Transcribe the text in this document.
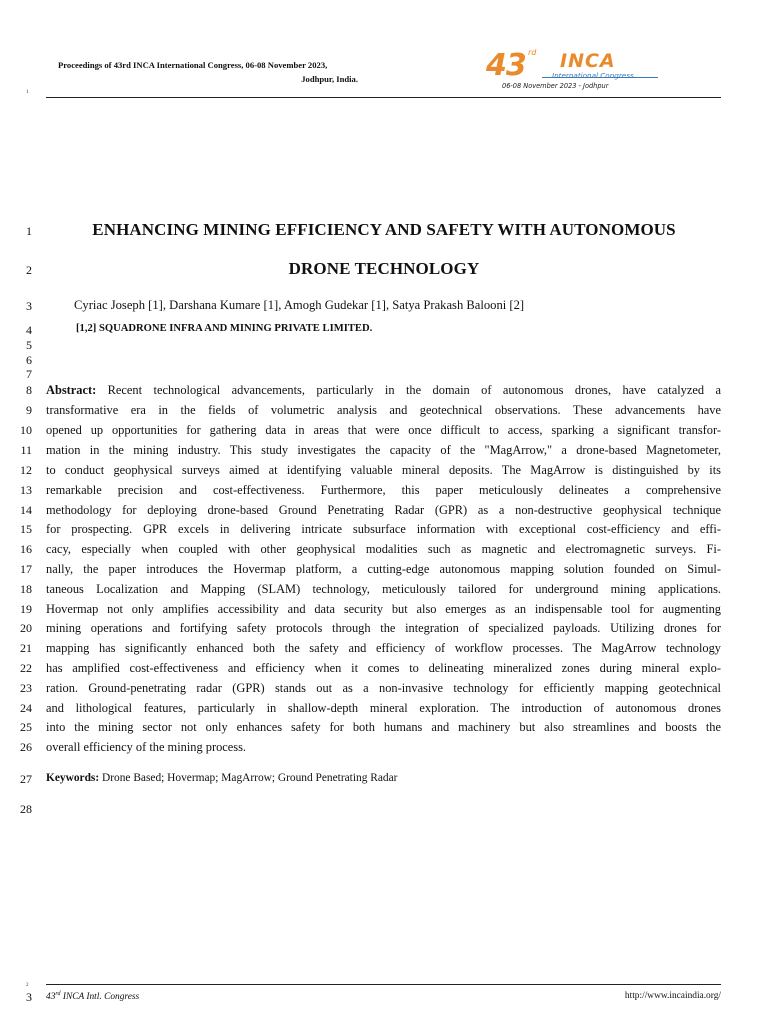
Proceedings of 43rd INCA International Congress, 06-08 November 2023,
Jodhpur, India.
1
43 rd INCA
International Congress
06-08 November 2023 - Jodhpur
1
2
3
4
5
6
7
8
9
10
11
12
13
14
15
16
17
18
19
20
21
22
23
24
25
26
27
28
ENHANCING MINING EFFICIENCY AND SAFETY WITH AUTONOMOUS
DRONE TECHNOLOGY
Cyriac Joseph [1], Darshana Kumare [1], Amogh Gudekar [1], Satya Prakash Balooni [2]
[1,2] SQUADRONE INFRA AND MINING PRIVATE LIMITED.
Abstract: Recent technological advancements, particularly in the domain of autonomous drones, have catalyzed a
transformative era in the fields of volumetric analysis and geotechnical observations. These advancements have
opened up opportunities for gathering data in areas that were once difficult to access, sparking a significant transfor-
mation in the mining industry. This study investigates the capacity of the "MagArrow," a drone-based Magnetometer,
to conduct geophysical surveys aimed at identifying valuable mineral deposits. The MagArrow is distinguished by its
remarkable precision and cost-effectiveness. Furthermore, this paper meticulously delineates a comprehensive
methodology for deploying drone-based Ground Penetrating Radar (GPR) as a non-destructive geophysical technique
for prospecting. GPR excels in delivering intricate subsurface information with exceptional cost-efficiency and effi-
cacy, especially when coupled with other geophysical modalities such as magnetic and electromagnetic surveys. Fi-
nally, the paper introduces the Hovermap platform, a cutting-edge autonomous mapping solution founded on Simul-
taneous Localization and Mapping (SLAM) technology, meticulously tailored for underground mining applications.
Hovermap not only amplifies accessibility and data security but also emerges as an indispensable tool for augmenting
mining operations and fortifying safety protocols through the integration of specialized payloads. Utilizing drones for
mapping has significantly enhanced both the safety and efficiency of workflow processes. The MagArrow technology
has amplified cost-effectiveness and efficiency when it comes to delineating mineralized zones during mineral explo-
ration. Ground-penetrating radar (GPR) stands out as a non-invasive technology for efficiently mapping geotechnical
and lithological features, particularly in shallow-depth mineral exploration. The introduction of autonomous drones
into the mining sector not only enhances safety for both humans and machinery but also streamlines and boosts the
overall efficiency of the mining process.
Keywords: Drone Based; Hovermap; MagArrow; Ground Penetrating Radar
2
3 43rd INCA Intl. Congress	http://www.incaindia.org/
